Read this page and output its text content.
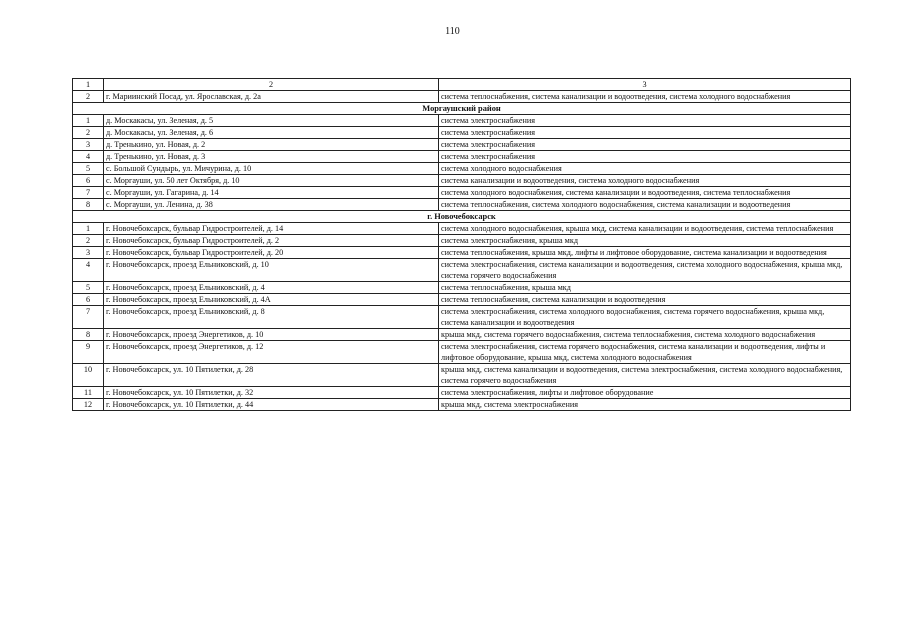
110
1	2	3
2	г. Мариинский Посад, ул. Ярославская, д. 2а	система теплоснабжения, система канализации и водоотведения, система холодного водоснабжения
Моргаушский район		
1	д. Москакасы, ул. Зеленая, д. 5	система электроснабжения
2	д. Москакасы, ул. Зеленая, д. 6	система электроснабжения
3	д. Тренькино, ул. Новая, д. 2	система электроснабжения
4	д. Тренькино, ул. Новая, д. 3	система электроснабжения
5	с. Большой Сундырь, ул. Мичурина, д. 10	система холодного водоснабжения
6	с. Моргауши, ул. 50 лет Октября, д. 10	система канализации и водоотведения, система холодного водоснабжения
7	с. Моргауши, ул. Гагарина, д. 14	система холодного водоснабжения, система канализации и водоотведения, система теплоснабжения
8	с. Моргауши, ул. Ленина, д. 38	система теплоснабжения, система холодного водоснабжения, система канализации и водоотведения
г. Новочебоксарск		
1	г. Новочебоксарск, бульвар Гидростроителей, д. 14	система холодного водоснабжения, крыша мкд, система канализации и водоотведения, система теплоснабжения
2	г. Новочебоксарск, бульвар Гидростроителей, д. 2	система электроснабжения, крыша мкд
3	г. Новочебоксарск, бульвар Гидростроителей, д. 20	система теплоснабжения, крыша мкд, лифты и лифтовое оборудование, система канализации и водоотведения
4	г. Новочебоксарск, проезд Ельниковский, д. 10	система электроснабжения, система канализации и водоотведения, система холодного водоснабжения, крыша мкд, система горячего водоснабжения
5	г. Новочебоксарск, проезд Ельниковский, д. 4	система теплоснабжения, крыша мкд
6	г. Новочебоксарск, проезд Ельниковский, д. 4А	система теплоснабжения, система канализации и водоотведения
7	г. Новочебоксарск, проезд Ельниковский, д. 8	система электроснабжения, система холодного водоснабжения, система горячего водоснабжения, крыша мкд, система канализации и водоотведения
8	г. Новочебоксарск, проезд Энергетиков, д. 10	крыша мкд, система горячего водоснабжения, система теплоснабжения, система холодного водоснабжения
9	г. Новочебоксарск, проезд Энергетиков, д. 12	система электроснабжения, система горячего водоснабжения, система канализации и водоотведения, лифты и лифтовое оборудование, крыша мкд, система холодного водоснабжения
10	г. Новочебоксарск, ул. 10 Пятилетки, д. 28	крыша мкд, система канализации и водоотведения, система электроснабжения, система холодного водоснабжения, система горячего водоснабжения
11	г. Новочебоксарск, ул. 10 Пятилетки, д. 32	система электроснабжения, лифты и лифтовое оборудование
12	г. Новочебоксарск, ул. 10 Пятилетки, д. 44	крыша мкд, система электроснабжения
